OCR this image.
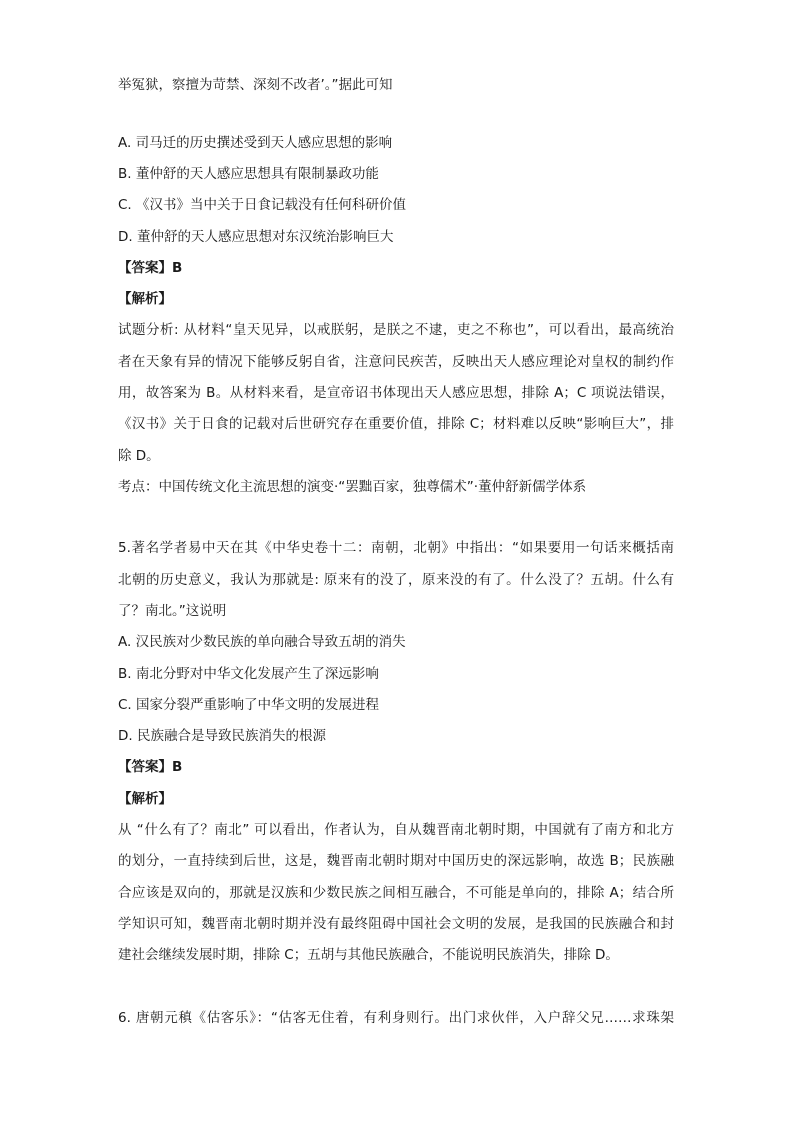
举冤狱，察擅为苛禁、深刻不改者’。”据此可知
A. 司马迁的历史撰述受到天人感应思想的影响
B. 董仲舒的天人感应思想具有限制暴政功能
C. 《汉书》当中关于日食记载没有任何科研价值
D. 董仲舒的天人感应思想对东汉统治影响巨大
【答案】B
【解析】
试题分析: 从材料“皇天见异，以戒朕躬，是朕之不逮，吏之不称也”，可以看出，最高统治
者在天象有异的情况下能够反躬自省，注意问民疾苦，反映出天人感应理论对皇权的制约作
用，故答案为 B。从材料来看，是宣帝诏书体现出天人感应思想，排除 A；C 项说法错误，
《汉书》关于日食的记载对后世研究存在重要价值，排除 C；材料难以反映“影响巨大”，排
除 D。
考点：中国传统文化主流思想的演变·“罢黜百家，独尊儒术”·董仲舒新儒学体系
5.著名学者易中天在其《中华史卷十二：南朝，北朝》中指出：“如果要用一句话来概括南
北朝的历史意义，我认为那就是: 原来有的没了，原来没的有了。什么没了？五胡。什么有
了？南北。”这说明
A. 汉民族对少数民族的单向融合导致五胡的消失
B. 南北分野对中华文化发展产生了深远影响
C. 国家分裂严重影响了中华文明的发展进程
D. 民族融合是导致民族消失的根源
【答案】B
【解析】
从 “什么有了？南北” 可以看出，作者认为，自从魏晋南北朝时期，中国就有了南方和北方
的划分，一直持续到后世，这是，魏晋南北朝时期对中国历史的深远影响，故选 B；民族融
合应该是双向的，那就是汉族和少数民族之间相互融合，不可能是单向的，排除 A；结合所
学知识可知，魏晋南北朝时期并没有最终阻碍中国社会文明的发展，是我国的民族融合和封
建社会继续发展时期，排除 C；五胡与其他民族融合，不能说明民族消失，排除 D。
6. 唐朝元稹《估客乐》：“估客无住着，有利身则行。出门求伙伴，入户辞父兄……求珠架
